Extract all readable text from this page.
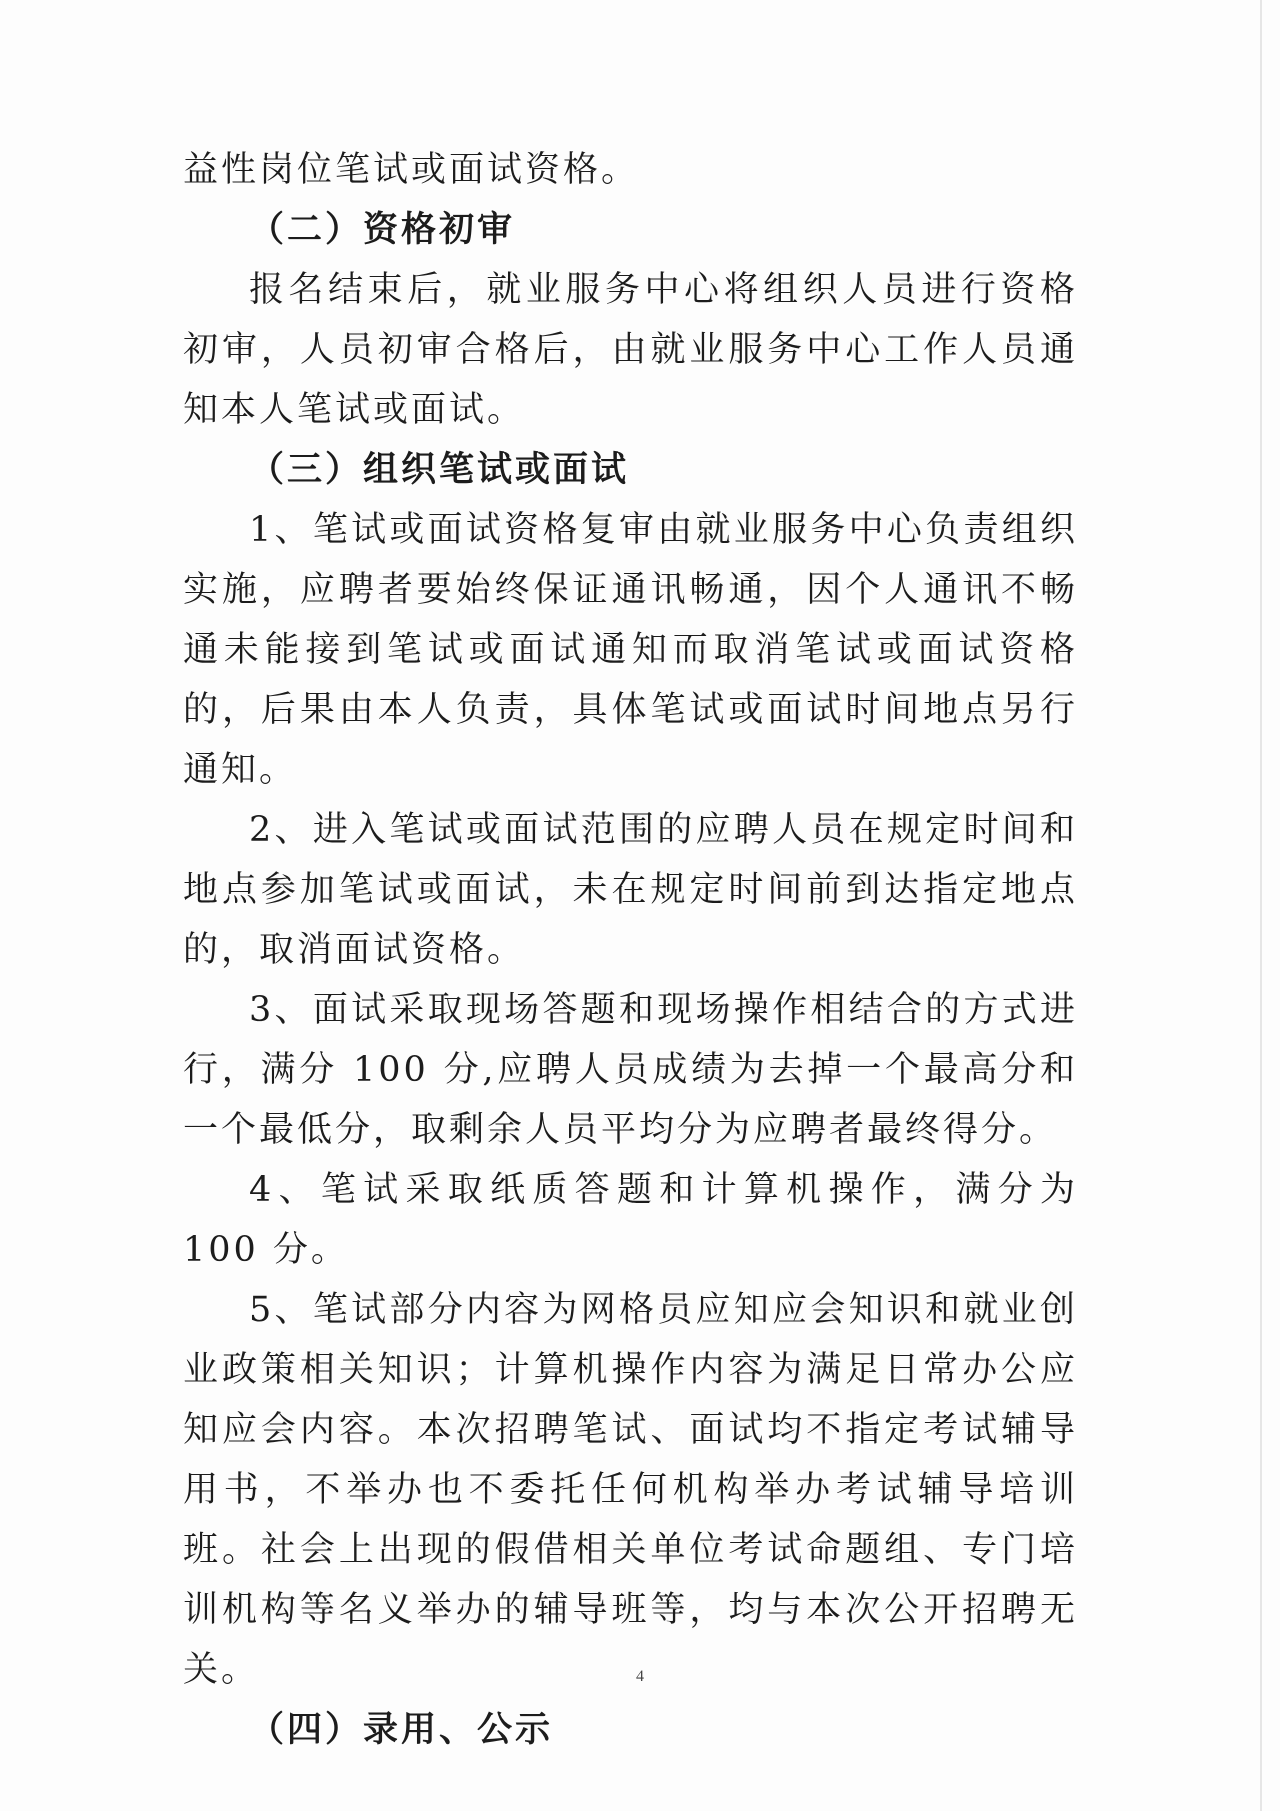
益性岗位笔试或面试资格。

（二）资格初审

报名结束后，就业服务中心将组织人员进行资格初审，人员初审合格后，由就业服务中心工作人员通知本人笔试或面试。

（三）组织笔试或面试

1、笔试或面试资格复审由就业服务中心负责组织实施，应聘者要始终保证通讯畅通，因个人通讯不畅通未能接到笔试或面试通知而取消笔试或面试资格的，后果由本人负责，具体笔试或面试时间地点另行通知。

2、进入笔试或面试范围的应聘人员在规定时间和地点参加笔试或面试，未在规定时间前到达指定地点的，取消面试资格。

3、面试采取现场答题和现场操作相结合的方式进行，满分 100 分,应聘人员成绩为去掉一个最高分和一个最低分，取剩余人员平均分为应聘者最终得分。

4、笔试采取纸质答题和计算机操作，满分为 100 分。

5、笔试部分内容为网格员应知应会知识和就业创业政策相关知识；计算机操作内容为满足日常办公应知应会内容。本次招聘笔试、面试均不指定考试辅导用书，不举办也不委托任何机构举办考试辅导培训班。社会上出现的假借相关单位考试命题组、专门培训机构等名义举办的辅导班等，均与本次公开招聘无关。

（四）录用、公示

4
